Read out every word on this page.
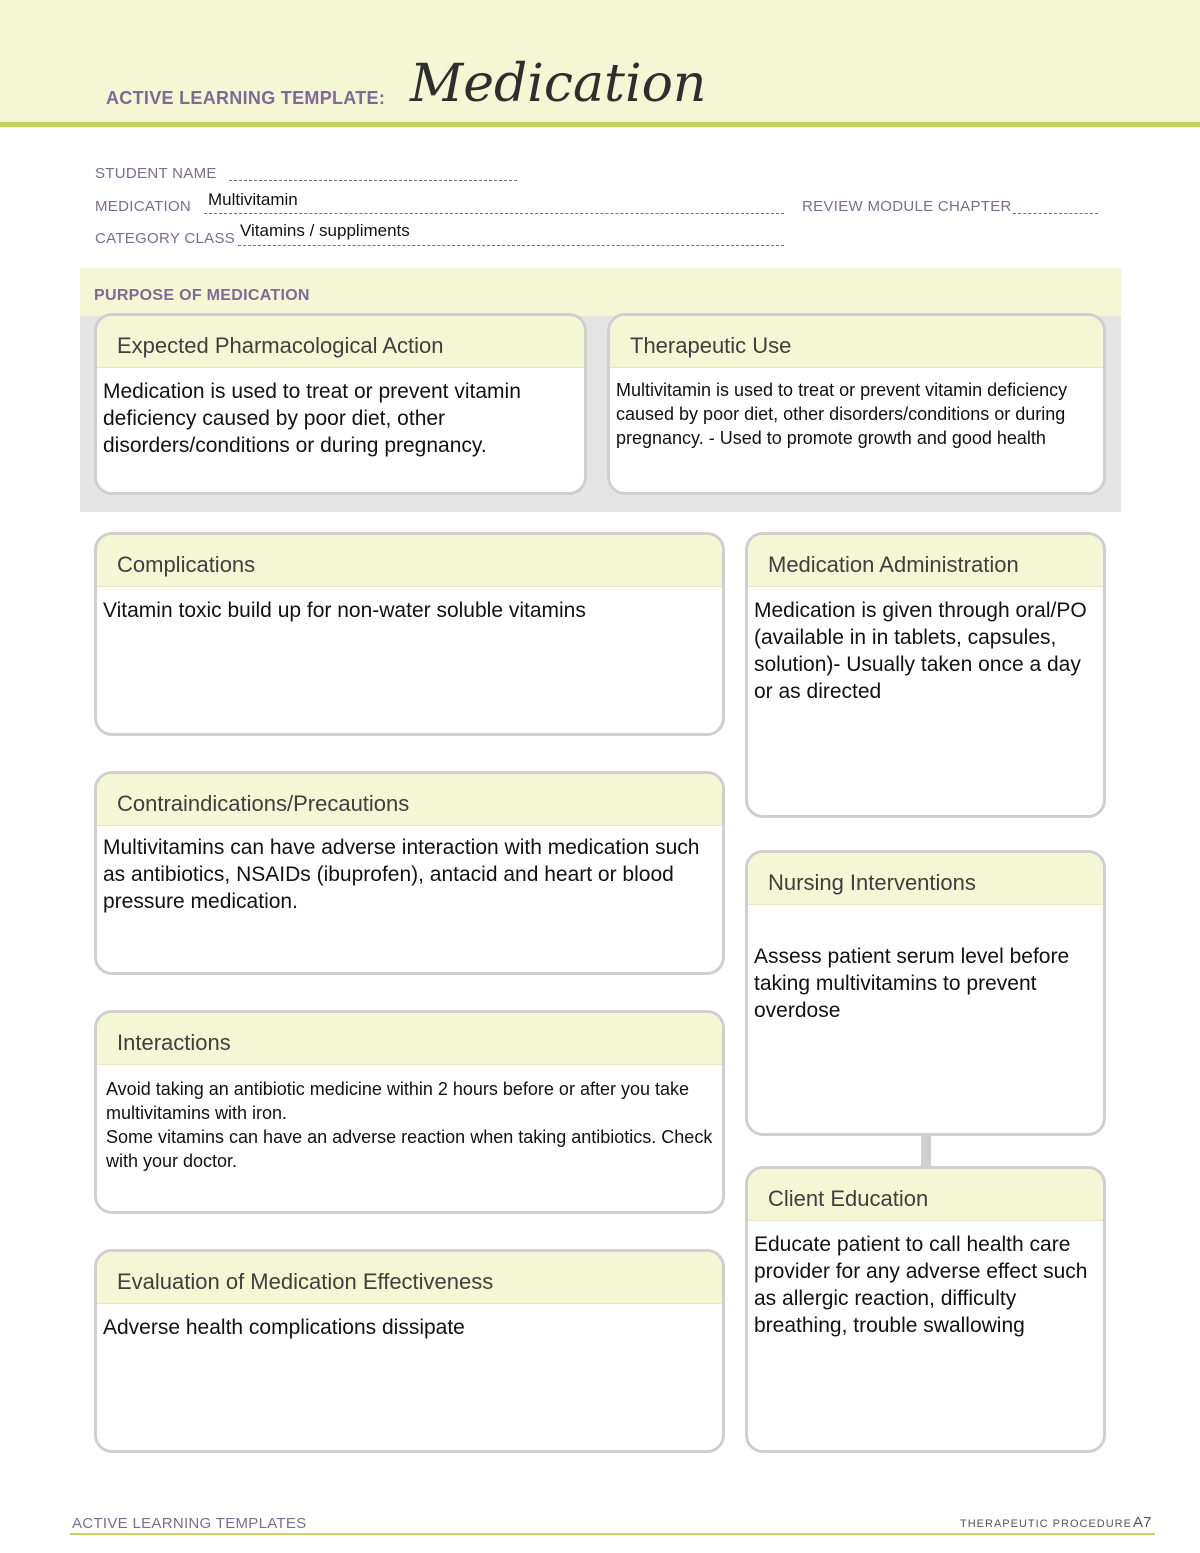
ACTIVE LEARNING TEMPLATE: Medication
STUDENT NAME
MEDICATION Multivitamin	REVIEW MODULE CHAPTER
CATEGORY CLASS Vitamins / suppliments
PURPOSE OF MEDICATION
Expected Pharmacological Action
Medication is used to treat or prevent vitamin deficiency caused by poor diet, other disorders/conditions or during pregnancy.
Therapeutic Use
Multivitamin is used to treat or prevent vitamin deficiency caused by poor diet, other disorders/conditions or during pregnancy. - Used to promote growth and good health
Complications
Vitamin toxic build up for non-water soluble vitamins
Contraindications/Precautions
Multivitamins can have adverse interaction with medication such as antibiotics, NSAIDs (ibuprofen), antacid and heart or blood pressure medication.
Interactions
Avoid taking an antibiotic medicine within 2 hours before or after you take multivitamins with iron.
Some vitamins can have an adverse reaction when taking antibiotics. Check with your doctor.
Evaluation of Medication Effectiveness
Adverse health complications dissipate
Medication Administration
Medication is given through oral/PO (available in in tablets, capsules, solution)- Usually taken once a day or as directed
Nursing Interventions
Assess patient serum level before taking multivitamins to prevent overdose
Client Education
Educate patient to call health care provider for any adverse effect such as allergic reaction, difficulty breathing, trouble swallowing
ACTIVE LEARNING TEMPLATES	THERAPEUTIC PROCEDURE A7
